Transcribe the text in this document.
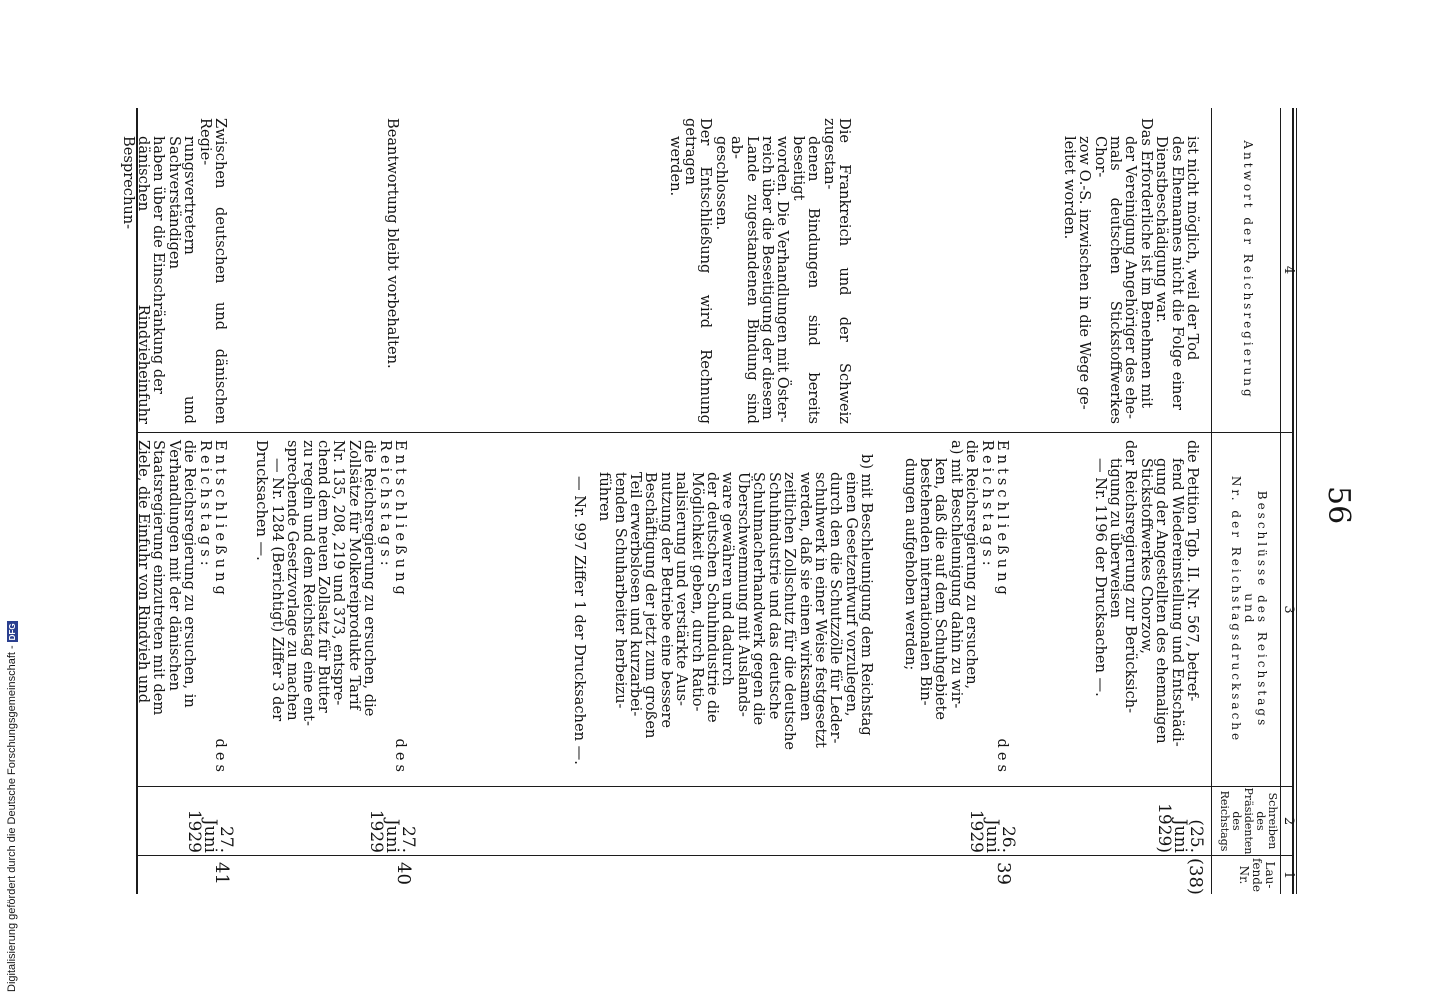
56
1
2
3
4
Lau-
fende
Nr.
Schreiben
des
Präsidenten
des
Reichstags
Beschlüsse des Reichstags
und
Nr. der Reichstagsdrucksache
Antwort der Reichsregierung
(38)
(25. Juni
1929)
die Petition Tgb. II. Nr. 567, betref-
fend Wiedereinstellung und Entschädi-
gung der Angestellten des ehemaligen
Stickstoffwerkes Chorzow,
der Reichsregierung zur Berücksich-
tigung zu überweisen
— Nr. 1196 der Drucksachen —.
ist nicht möglich, weil der Tod
des Ehemannes nicht die Folge einer
Dienstbeschädigung war.
Das Erforderliche ist im Benehmen mit
der Vereinigung Angehöriger des ehe-
mals deutschen Stickstoffwerkes Chor-
zow O.-S. inzwischen in die Wege ge-
leitet worden.
39
26. Juni
1929
Entschließung des Reichstags:
die Reichsregierung zu ersuchen,
a) mit Beschleunigung dahin zu wir-
ken, daß die auf dem Schuhgebiete
bestehenden internationalen Bin-
dungen aufgehoben werden;
b) mit Beschleunigung dem Reichstag
einen Gesetzentwurf vorzulegen,
durch den die Schutzzölle für Leder-
schuhwerk in einer Weise festgesetzt
werden, daß sie einen wirksamen
zeitlichen Zollschutz für die deutsche
Schuhindustrie und das deutsche
Schuhmacherhandwerk gegen die
Überschwemmung mit Auslands-
ware gewähren und dadurch
der deutschen Schuhindustrie die
Möglichkeit geben, durch Ratio-
nalisierung und verstärkte Aus-
nutzung der Betriebe eine bessere
Beschäftigung der jetzt zum großen
Teil erwerbslosen und kurzarbei-
tenden Schuharbeiter herbeizu-
führen
— Nr. 997 Ziffer 1 der Drucksachen —.
Die Frankreich und der Schweiz zugestan-
denen Bindungen sind bereits beseitigt
worden. Die Verhandlungen mit Öster-
reich über die Beseitigung der diesem
Lande zugestandenen Bindung sind ab-
geschlossen.
Der Entschließung wird Rechnung getragen
werden.
40
27. Juni
1929
Entschließung des Reichstags:
die Reichsregierung zu ersuchen, die
Zollsätze für Molkereiprodukte Tarif
Nr. 135, 208, 219 und 373, entspre-
chend dem neuen Zollsatz für Butter
zu regeln und dem Reichstag eine ent-
sprechende Gesetzvorlage zu machen
— Nr. 1284 (Berichtigt) Ziffer 3 der
Drucksachen —.
Beantwortung bleibt vorbehalten.
41
27. Juni
1929
Entschließung des Reichstags:
die Reichsregierung zu ersuchen, in
Verhandlungen mit der dänischen
Staatsregierung einzutreten mit dem
Ziele, die Einfuhr von Rindvieh und
Zwischen deutschen und dänischen Regie-
rungsvertretern und Sachverständigen
haben über die Einschränkung der
dänischen Rindvieheinfuhr Besprechun-
Digitalisierung gefördert durch die Deutsche Forschungsgemeinschaft -
DFG
